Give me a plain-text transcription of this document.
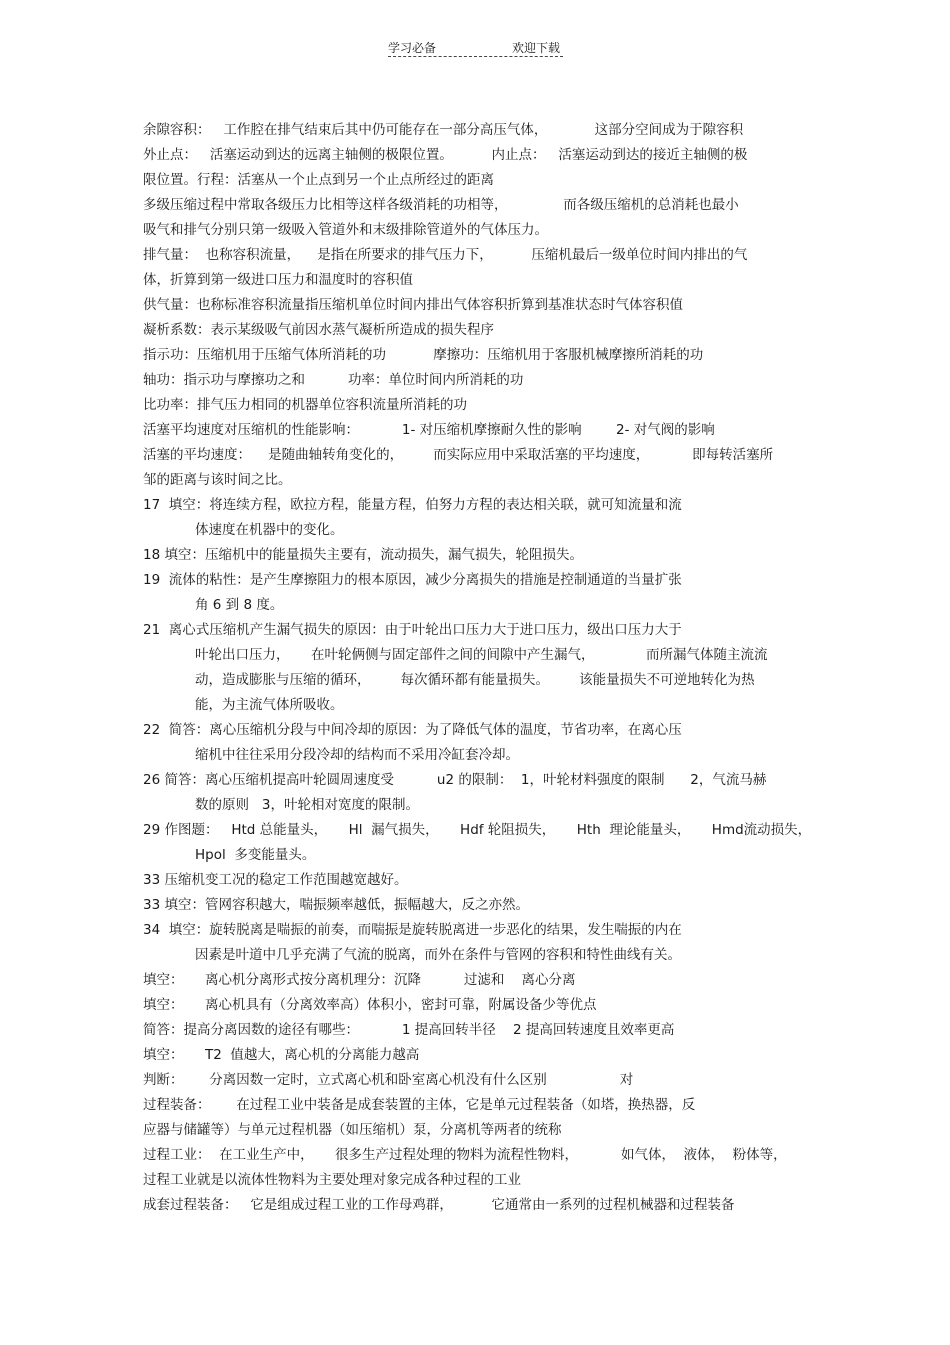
学习必备	欢迎下载
余隙容积：   工作腔在排气结束后其中仍可能存在一部分高压气体，           这部分空间成为于隙容积
外止点：   活塞运动到达的远离主轴侧的极限位置。         内止点：   活塞运动到达的接近主轴侧的极
限位置。行程：活塞从一个止点到另一个止点所经过的距离
多级压缩过程中常取各级压力比相等这样各级消耗的功相等，             而各级压缩机的总消耗也最小
吸气和排气分别只第一级吸入管道外和末级排除管道外的气体压力。
排气量：  也称容积流量，    是指在所要求的排气压力下，         压缩机最后一级单位时间内排出的气
体，折算到第一级进口压力和温度时的容积值
供气量：也称标准容积流量指压缩机单位时间内排出气体容积折算到基准状态时气体容积值
凝析系数：表示某级吸气前因水蒸气凝析所造成的损失程序
指示功：压缩机用于压缩气体所消耗的功           摩擦功：压缩机用于客服机械摩擦所消耗的功
轴功：指示功与摩擦功之和          功率：单位时间内所消耗的功
比功率：排气压力相同的机器单位容积流量所消耗的功
活塞平均速度对压缩机的性能影响：          1- 对压缩机摩擦耐久性的影响        2- 对气阀的影响
活塞的平均速度：    是随曲轴转角变化的，       而实际应用中采取活塞的平均速度，          即每转活塞所
邹的距离与该时间之比。
17  填空：将连续方程，欧拉方程，能量方程，伯努力方程的表达相关联，就可知流量和流
体速度在机器中的变化。
18 填空：压缩机中的能量损失主要有，流动损失，漏气损失，轮阻损失。
19  流体的粘性：是产生摩擦阻力的根本原因，减少分离损失的措施是控制通道的当量扩张
角 6 到 8 度。
21  离心式压缩机产生漏气损失的原因：由于叶轮出口压力大于进口压力，级出口压力大于
叶轮出口压力，     在叶轮俩侧与固定部件之间的间隙中产生漏气，            而所漏气体随主流流
动，造成膨胀与压缩的循环，       每次循环都有能量损失。       该能量损失不可逆地转化为热
能，为主流气体所吸收。
22  简答：离心压缩机分段与中间冷却的原因：为了降低气体的温度，节省功率，在离心压
缩机中往往采用分段冷却的结构而不采用冷缸套冷却。
26 简答：离心压缩机提高叶轮圆周速度受          u2 的限制：  1，叶轮材料强度的限制      2，气流马赫
数的原则   3，叶轮相对宽度的限制。
29 作图题：   Htd 总能量头，     Hl  漏气损失，     Hdf 轮阻损失，     Hth  理论能量头，     Hmd流动损失，
Hpol  多变能量头。
33 压缩机变工况的稳定工作范围越宽越好。
33 填空：管网容积越大，喘振频率越低，振幅越大，反之亦然。
34  填空：旋转脱离是喘振的前奏，而喘振是旋转脱离进一步恶化的结果，发生喘振的内在
因素是叶道中几乎充满了气流的脱离，而外在条件与管网的容积和特性曲线有关。
填空：     离心机分离形式按分离机理分：沉降          过滤和    离心分离
填空：     离心机具有（分离效率高）体积小，密封可靠，附属设备少等优点
简答：提高分离因数的途径有哪些：          1 提高回转半径    2 提高回转速度且效率更高
填空：     T2  值越大，离心机的分离能力越高
判断：      分离因数一定时，立式离心机和卧室离心机没有什么区别                 对
过程装备：      在过程工业中装备是成套装置的主体，它是单元过程装备（如塔，换热器，反
应器与储罐等）与单元过程机器（如压缩机）泵，分离机等两者的统称
过程工业：  在工业生产中，     很多生产过程处理的物料为流程性物料，          如气体，  液体，  粉体等，
过程工业就是以流体性物料为主要处理对象完成各种过程的工业
成套过程装备：   它是组成过程工业的工作母鸡群，         它通常由一系列的过程机械器和过程装备
